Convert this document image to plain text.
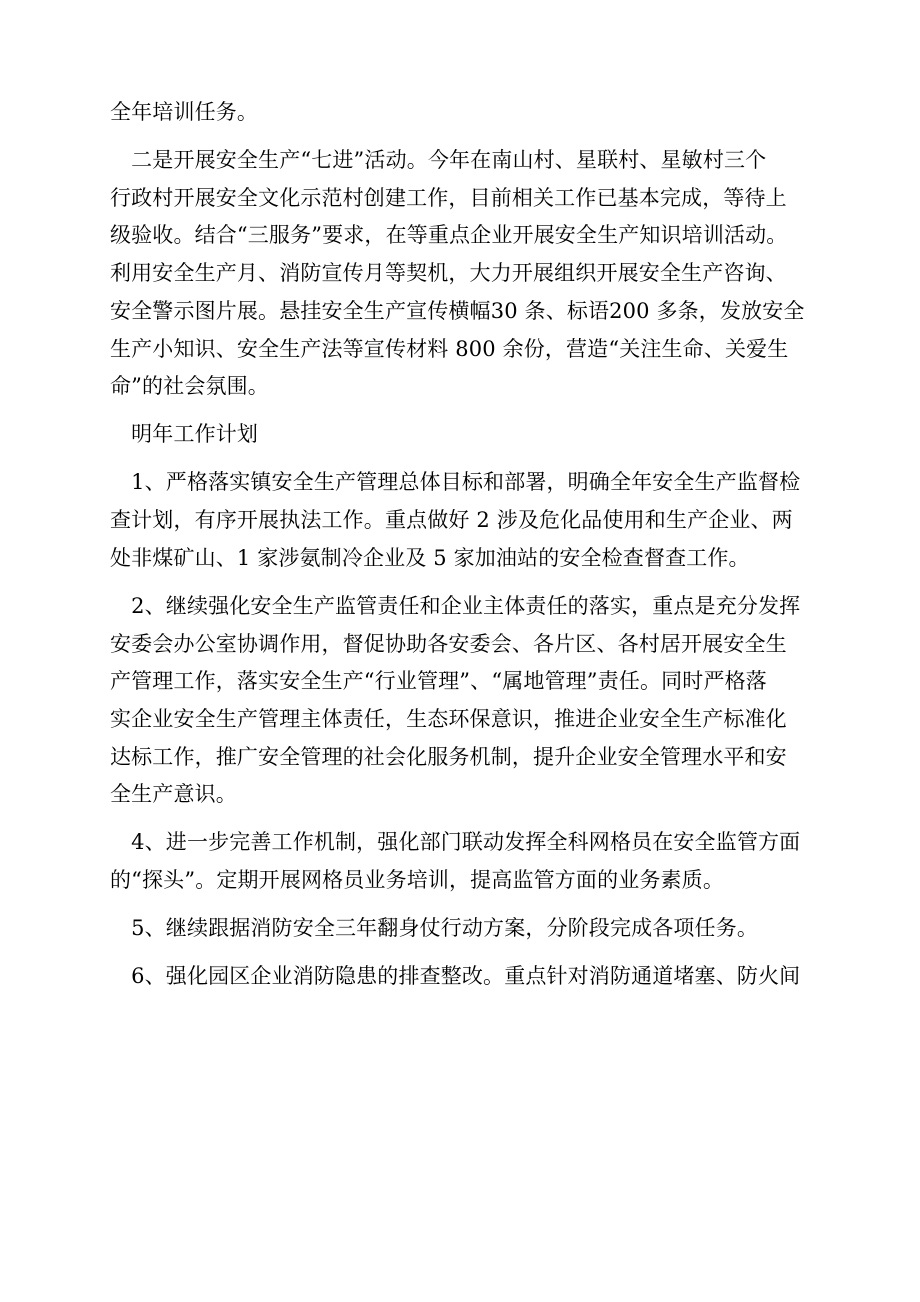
全年培训任务。
　二是开展安全生产“七进”活动。今年在南山村、星联村、星敏村三个
行政村开展安全文化示范村创建工作，目前相关工作已基本完成，等待上
级验收。结合“三服务”要求，在等重点企业开展安全生产知识培训活动。
利用安全生产月、消防宣传月等契机，大力开展组织开展安全生产咨询、
安全警示图片展。悬挂安全生产宣传横幅30 条、标语200 多条，发放安全
生产小知识、安全生产法等宣传材料 800 余份，营造“关注生命、关爱生
命”的社会氛围。
　明年工作计划
　1、严格落实镇安全生产管理总体目标和部署，明确全年安全生产监督检
查计划，有序开展执法工作。重点做好 2 涉及危化品使用和生产企业、两
处非煤矿山、1 家涉氨制冷企业及 5 家加油站的安全检查督查工作。
　2、继续强化安全生产监管责任和企业主体责任的落实，重点是充分发挥
安委会办公室协调作用，督促协助各安委会、各片区、各村居开展安全生
产管理工作，落实安全生产“行业管理”、“属地管理”责任。同时严格落
实企业安全生产管理主体责任，生态环保意识，推进企业安全生产标准化
达标工作，推广安全管理的社会化服务机制，提升企业安全管理水平和安
全生产意识。
　4、进一步完善工作机制，强化部门联动发挥全科网格员在安全监管方面
的“探头”。定期开展网格员业务培训，提高监管方面的业务素质。
　5、继续跟据消防安全三年翻身仗行动方案，分阶段完成各项任务。
　6、强化园区企业消防隐患的排查整改。重点针对消防通道堵塞、防火间
